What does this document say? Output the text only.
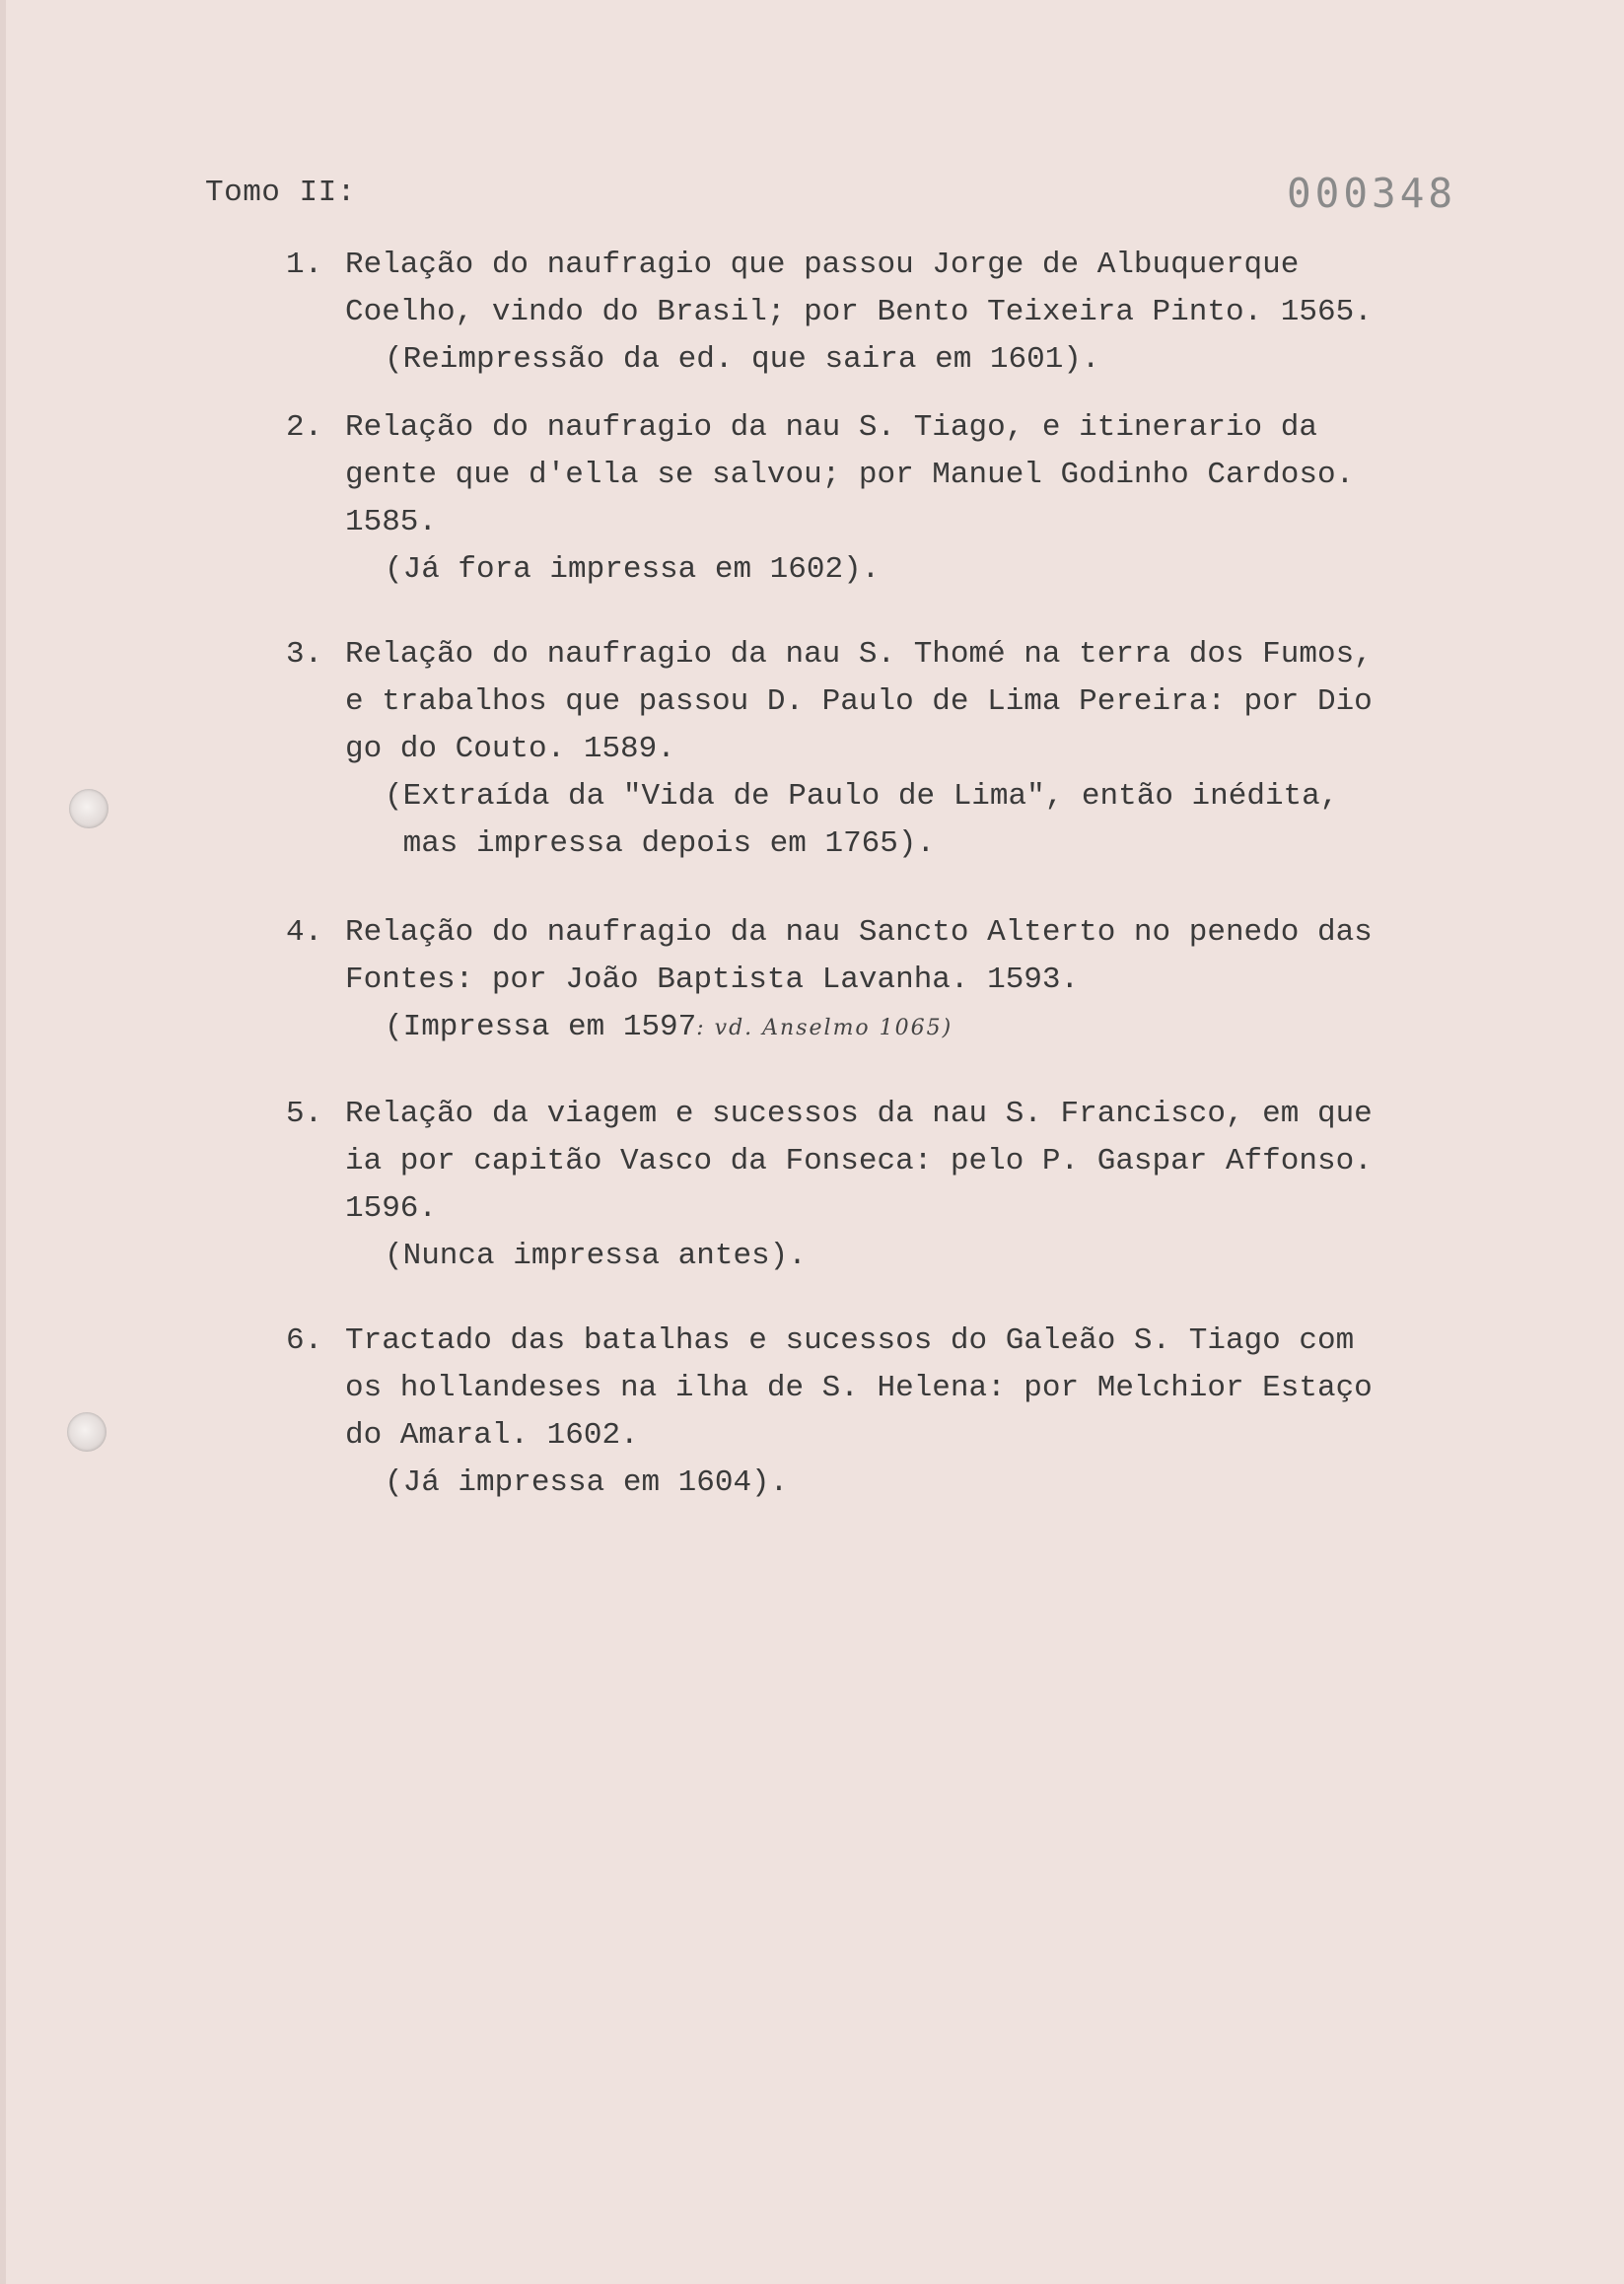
Tomo II:	000348
1. Relação do naufragio que passou Jorge de Albuquerque
Coelho, vindo do Brasil; por Bento Teixeira Pinto. 1565.
(Reimpressão da ed. que saira em 1601).
2. Relação do naufragio da nau S. Tiago, e itinerario da
gente que d'ella se salvou; por Manuel Godinho Cardoso.
1585.
(Já fora impressa em 1602).
3. Relação do naufragio da nau S. Thomé na terra dos Fumos,
e trabalhos que passou D. Paulo de Lima Pereira: por Dio
go do Couto. 1589.
(Extraída da "Vida de Paulo de Lima", então inédita,
mas impressa depois em 1765).
4. Relação do naufragio da nau Sancto Alterto no penedo das
Fontes: por João Baptista Lavanha. 1593.
(Impressa em 1597: vd. Anselmo 1065)
5. Relação da viagem e sucessos da nau S. Francisco, em que
ia por capitão Vasco da Fonseca: pelo P. Gaspar Affonso.
1596.
(Nunca impressa antes).
6. Tractado das batalhas e sucessos do Galeão S. Tiago com
os hollandeses na ilha de S. Helena: por Melchior Estaço
do Amaral. 1602.
(Já impressa em 1604).
